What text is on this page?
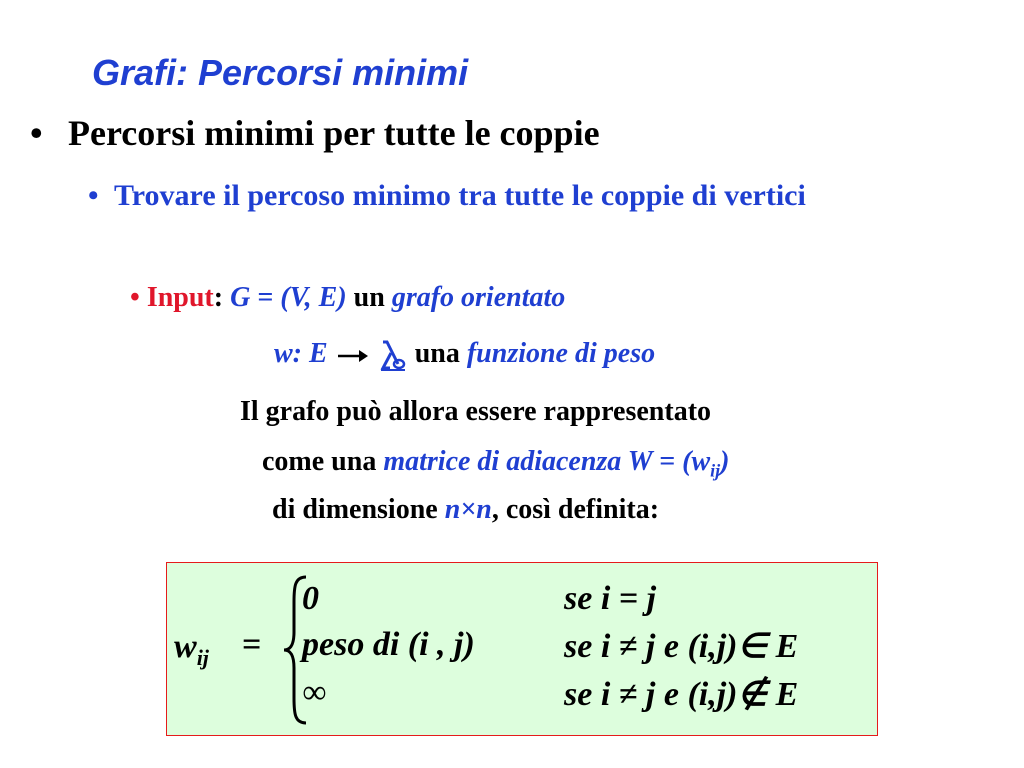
Grafi: Percorsi minimi
• Percorsi minimi per tutte le coppie
• Trovare il percoso minimo tra tutte le coppie di vertici
• Input: G = (V, E) un grafo orientato
w: E	una funzione di peso
Il grafo può allora essere rappresentato
come una matrice di adiacenza $W = (w_{ij})$
di dimensione n×n, così definita:
$w_{ij}$ =
0
peso di (i , j)
∞
se i = j
se i ≠ j e (i,j)∈ E
se i ≠ j e (i,j)∉ E
